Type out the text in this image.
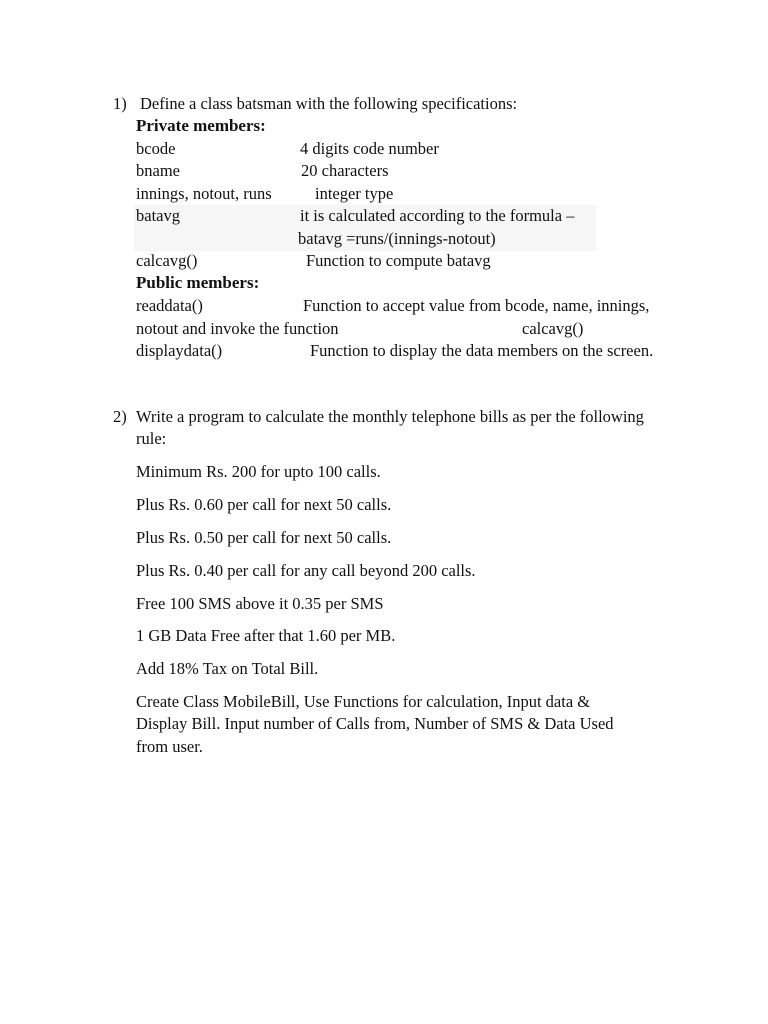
1) Define a class batsman with the following specifications:
Private members:
bcode	4 digits code number
bname	20 characters
innings, notout, runs	integer type
batavg	it is calculated according to the formula –
batavg =runs/(innings-notout)
calcavg()	Function to compute batavg
Public members:
readdata()	Function to accept value from bcode, name, innings,
notout and invoke the function	calcavg()
displaydata()	Function to display the data members on the screen.
2) Write a program to calculate the monthly telephone bills as per the following
rule:
Minimum Rs. 200 for upto 100 calls.
Plus Rs. 0.60 per call for next 50 calls.
Plus Rs. 0.50 per call for next 50 calls.
Plus Rs. 0.40 per call for any call beyond 200 calls.
Free 100 SMS above it 0.35 per SMS
1 GB Data Free after that 1.60 per MB.
Add 18% Tax on Total Bill.
Create Class MobileBill, Use Functions for calculation, Input data &
Display Bill. Input number of Calls from, Number of SMS & Data Used
from user.
